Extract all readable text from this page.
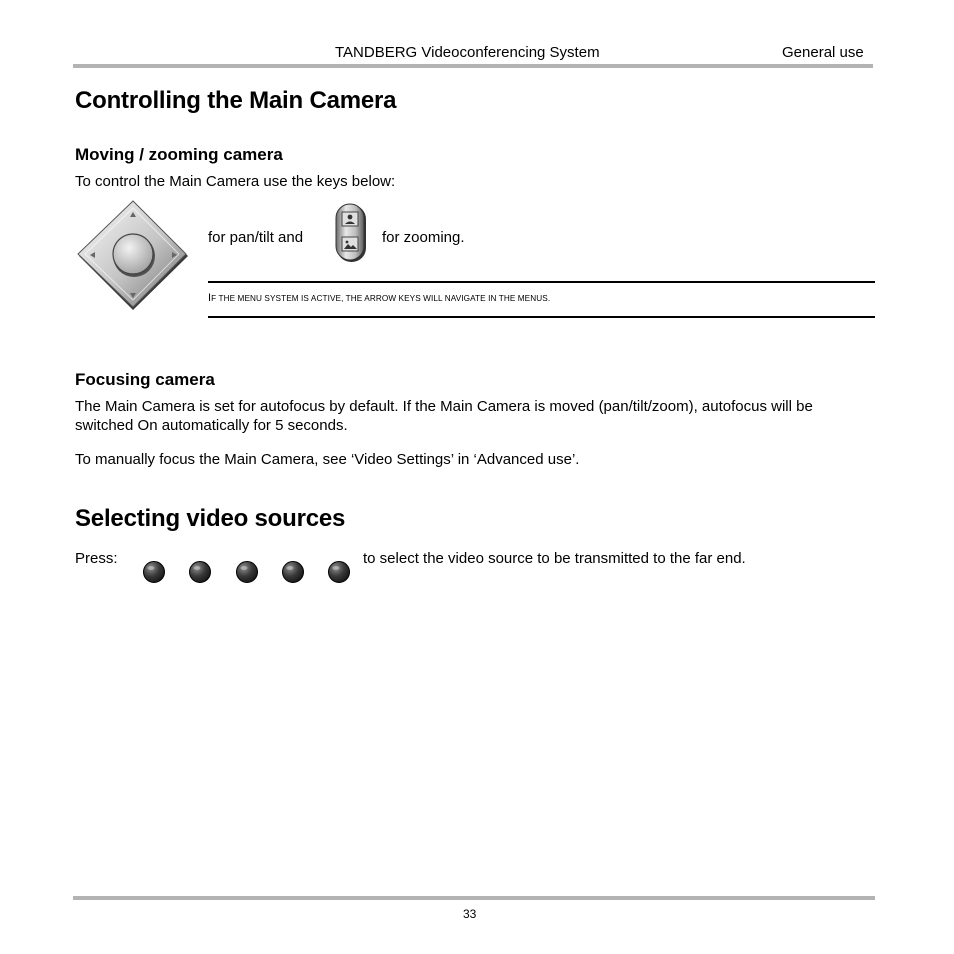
TANDBERG Videoconferencing System	General use
Controlling the Main Camera
Moving / zooming camera
To control the Main Camera use the keys below:
for pan/tilt and	for zooming.
IF THE MENU SYSTEM IS ACTIVE, THE ARROW KEYS WILL NAVIGATE IN THE MENUS.
Focusing camera
The Main Camera is set for autofocus by default. If the Main Camera is moved (pan/tilt/zoom), autofocus will be
switched On automatically for 5 seconds.
To manually focus the Main Camera, see ‘Video Settings’ in ‘Advanced use’.
Selecting video sources
Press:	to select the video source to be transmitted to the far end.
33
